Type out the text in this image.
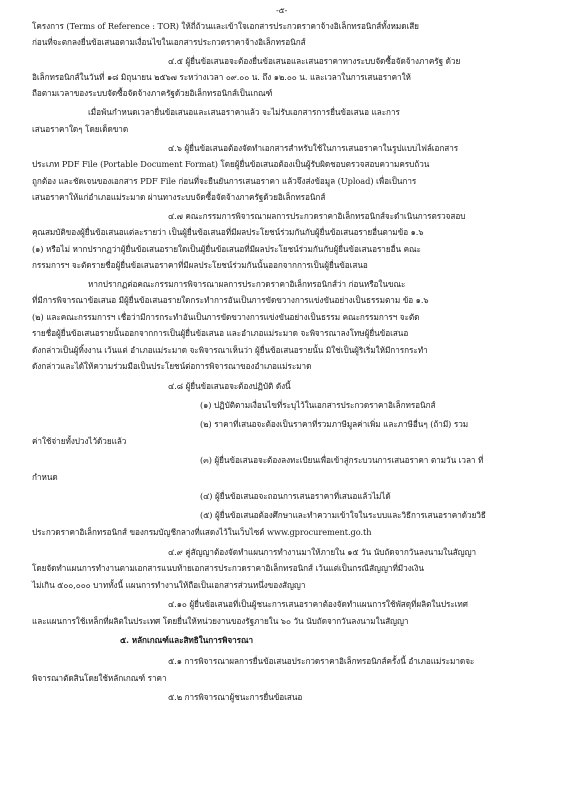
-๕-

โครงการ (Terms of Reference : TOR) ให้ถี่ถ้วนและเข้าใจเอกสารประกวดราคาจ้างอิเล็กทรอนิกส์ทั้งหมดเสีย

ก่อนที่จะตกลงยื่นข้อเสนอตามเงื่อนไขในเอกสารประกวดราคาจ้างอิเล็กทรอนิกส์

๔.๕ ผู้ยื่นข้อเสนอจะต้องยื่นข้อเสนอและเสนอราคาทางระบบจัดซื้อจัดจ้างภาครัฐ ด้วย

อิเล็กทรอนิกส์ในวันที่ ๑๘ มิถุนายน ๒๕๖๗ ระหว่างเวลา ๐๙.๐๐ น. ถึง ๑๒.๐๐ น. และเวลาในการเสนอราคาให้

ถือตามเวลาของระบบจัดซื้อจัดจ้างภาครัฐด้วยอิเล็กทรอนิกส์เป็นเกณฑ์

เมื่อพ้นกำหนดเวลายื่นข้อเสนอและเสนอราคาแล้ว จะไม่รับเอกสารการยื่นข้อเสนอ และการ

เสนอราคาใดๆ โดยเด็ดขาด

๔.๖ ผู้ยื่นข้อเสนอต้องจัดทำเอกสารสำหรับใช้ในการเสนอราคาในรูปแบบไฟล์เอกสาร

ประเภท PDF File (Portable Document Format) โดยผู้ยื่นข้อเสนอต้องเป็นผู้รับผิดชอบตรวจสอบความครบถ้วน

ถูกต้อง และชัดเจนของเอกสาร PDF File ก่อนที่จะยืนยันการเสนอราคา แล้วจึงส่งข้อมูล (Upload) เพื่อเป็นการ

เสนอราคาให้แก่อำเภอแม่ระมาด ผ่านทางระบบจัดซื้อจัดจ้างภาครัฐด้วยอิเล็กทรอนิกส์

๔.๗ คณะกรรมการพิจารณาผลการประกวดราคาอิเล็กทรอนิกส์จะดำเนินการตรวจสอบ

คุณสมบัติของผู้ยื่นข้อเสนอแต่ละรายว่า เป็นผู้ยื่นข้อเสนอที่มีผลประโยชน์ร่วมกันกับผู้ยื่นข้อเสนอรายอื่นตามข้อ ๑.๖

(๑) หรือไม่ หากปรากฏว่าผู้ยื่นข้อเสนอรายใดเป็นผู้ยื่นข้อเสนอที่มีผลประโยชน์ร่วมกันกับผู้ยื่นข้อเสนอรายอื่น คณะ

กรรมการฯ จะตัดรายชื่อผู้ยื่นข้อเสนอราคาที่มีผลประโยชน์ร่วมกันนั้นออกจากการเป็นผู้ยื่นข้อเสนอ

หากปรากฏต่อคณะกรรมการพิจารณาผลการประกวดราคาอิเล็กทรอนิกส์ว่า ก่อนหรือในขณะ

ที่มีการพิจารณาข้อเสนอ มีผู้ยื่นข้อเสนอรายใดกระทำการอันเป็นการขัดขวางการแข่งขันอย่างเป็นธรรมตาม ข้อ ๑.๖

(๒) และคณะกรรมการฯ เชื่อว่ามีการกระทำอันเป็นการขัดขวางการแข่งขันอย่างเป็นธรรม คณะกรรมการฯ จะตัด

รายชื่อผู้ยื่นข้อเสนอรายนั้นออกจากการเป็นผู้ยื่นข้อเสนอ และอำเภอแม่ระมาด จะพิจารณาลงโทษผู้ยื่นข้อเสนอ

ดังกล่าวเป็นผู้ทิ้งงาน เว้นแต่ อำเภอแม่ระมาด จะพิจารณาเห็นว่า ผู้ยื่นข้อเสนอรายนั้น มิใช่เป็นผู้ริเริ่มให้มีการกระทำ

ดังกล่าวและได้ให้ความร่วมมือเป็นประโยชน์ต่อการพิจารณาของอำเภอแม่ระมาด

๔.๘ ผู้ยื่นข้อเสนอจะต้องปฏิบัติ ดังนี้

(๑) ปฏิบัติตามเงื่อนไขที่ระบุไว้ในเอกสารประกวดราคาอิเล็กทรอนิกส์

(๒) ราคาที่เสนอจะต้องเป็นราคาที่รวมภาษีมูลค่าเพิ่ม และภาษีอื่นๆ (ถ้ามี) รวม

ค่าใช้จ่ายทั้งปวงไว้ด้วยแล้ว

(๓) ผู้ยื่นข้อเสนอจะต้องลงทะเบียนเพื่อเข้าสู่กระบวนการเสนอราคา ตามวัน เวลา ที่

กำหนด

(๔) ผู้ยื่นข้อเสนอจะถอนการเสนอราคาที่เสนอแล้วไม่ได้

(๕) ผู้ยื่นข้อเสนอต้องศึกษาและทำความเข้าใจในระบบและวิธีการเสนอราคาด้วยวิธี

ประกวดราคาอิเล็กทรอนิกส์ ของกรมบัญชีกลางที่แสดงไว้ในเว็บไซต์ www.gprocurement.go.th

๔.๙ คู่สัญญาต้องจัดทำแผนการทำงานมาให้ภายใน ๑๕ วัน นับถัดจากวันลงนามในสัญญา

โดยจัดทำแผนการทำงานตามเอกสารแนบท้ายเอกสารประกวดราคาอิเล็กทรอนิกส์ เว้นแต่เป็นกรณีสัญญาที่มีวงเงิน

ไม่เกิน ๕๐๐,๐๐๐ บาททั้งนี้ แผนการทำงานให้ถือเป็นเอกสารส่วนหนึ่งของสัญญา

๔.๑๐ ผู้ยื่นข้อเสนอที่เป็นผู้ชนะการเสนอราคาต้องจัดทำแผนการใช้พัสดุที่ผลิตในประเทศ

และแผนการใช้เหล็กที่ผลิตในประเทศ โดยยื่นให้หน่วยงานของรัฐภายใน ๖๐ วัน นับถัดจากวันลงนามในสัญญา

๕. หลักเกณฑ์และสิทธิในการพิจารณา

๕.๑ การพิจารณาผลการยื่นข้อเสนอประกวดราคาอิเล็กทรอนิกส์ครั้งนี้ อำเภอแม่ระมาดจะ

พิจารณาตัดสินโดยใช้หลักเกณฑ์ ราคา

๕.๒ การพิจารณาผู้ชนะการยื่นข้อเสนอ
